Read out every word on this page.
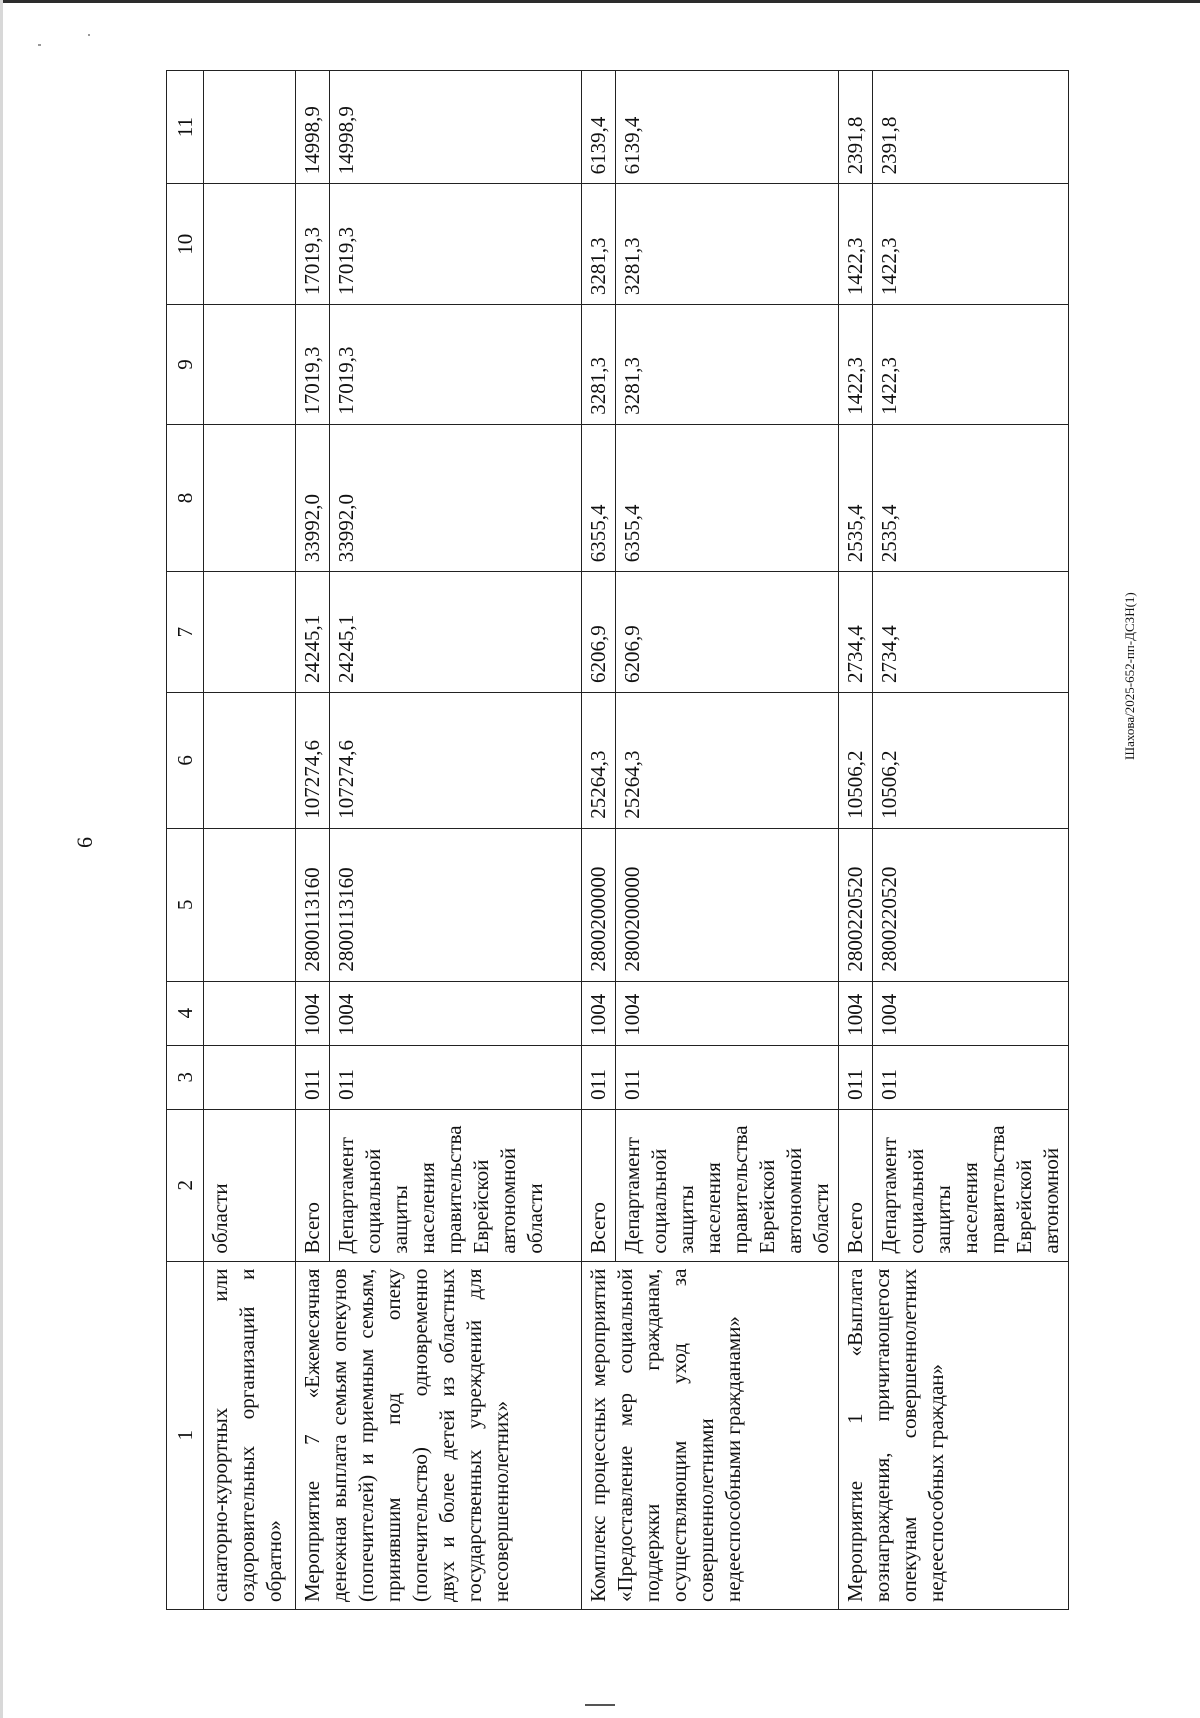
6
Шахова/2025-652-пп-ДСЗН(1)
1	2	3	4	5	6	7	8	9	10	11
санаторно-курортных или оздоровительных организаций и обратно»	области									
Мероприятие 7 «Ежемесячная денежная выплата семьям опекунов (попечителей) и приемным семьям, принявшим под опеку (попечительство) одновременно двух и более детей из областных государственных учреждений для несовершеннолетних»	Всего	011	1004	2800113160	107274,6	24245,1	33992,0	17019,3	17019,3	14998,9
	Департамент социальной защиты населения правительства Еврейской автономной области	011	1004	2800113160	107274,6	24245,1	33992,0	17019,3	17019,3	14998,9
Комплекс процессных мероприятий «Предоставление мер социальной поддержки гражданам, осуществляющим уход за совершеннолетними недееспособными гражданами»	Всего	011	1004	2800200000	25264,3	6206,9	6355,4	3281,3	3281,3	6139,4
	Департамент социальной защиты населения правительства Еврейской автономной области	011	1004	2800200000	25264,3	6206,9	6355,4	3281,3	3281,3	6139,4
Мероприятие 1 «Выплата вознаграждения, причитающегося опекунам совершеннолетних недееспособных граждан»	Всего	011	1004	2800220520	10506,2	2734,4	2535,4	1422,3	1422,3	2391,8
	Департамент социальной защиты населения правительства Еврейской автономной	011	1004	2800220520	10506,2	2734,4	2535,4	1422,3	1422,3	2391,8
